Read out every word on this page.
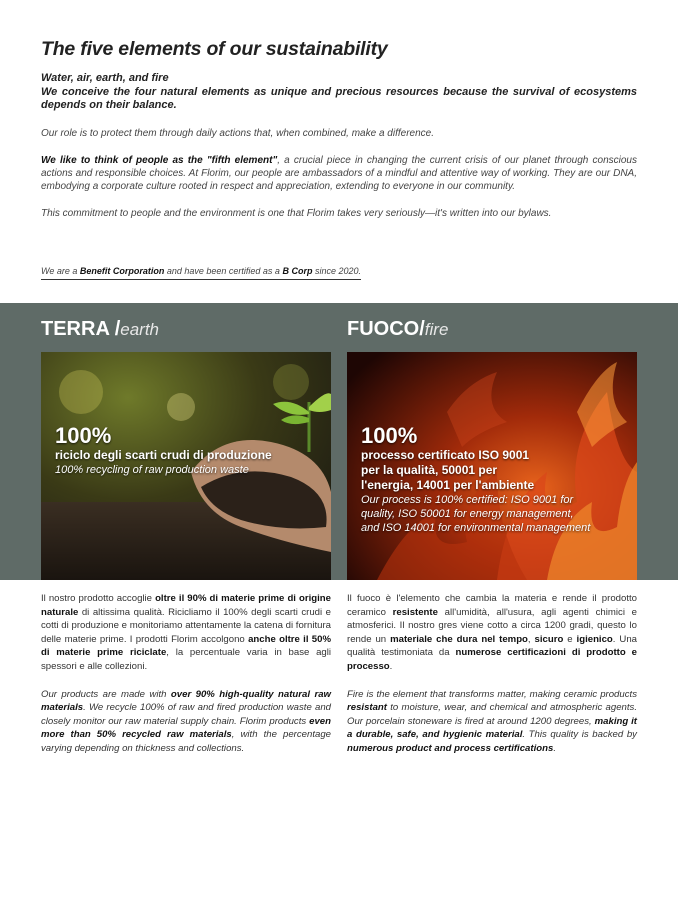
The five elements of our sustainability

Water, air, earth, and fire

We conceive the four natural elements as unique and precious resources because the survival of ecosystems depends on their balance.

Our role is to protect them through daily actions that, when combined, make a difference.

We like to think of people as the "fifth element", a crucial piece in changing the current crisis of our planet through conscious actions and responsible choices. At Florim, our people are ambassadors of a mindful and attentive way of working. They are our DNA, embodying a corporate culture rooted in respect and appreciation, extending to everyone in our community.

This commitment to people and the environment is one that Florim takes very seriously—it's written into our bylaws.

We are a Benefit Corporation and have been certified as a B Corp since 2020.
TERRA /earth
100%
riciclo degli scarti crudi di produzione
100% recycling of raw production waste
FUOCO/fire
100%
processo certificato ISO 9001
per la qualità, 50001 per
l'energia, 14001 per l'ambiente
Our process is 100% certified: ISO 9001 for
quality, ISO 50001 for energy management,
and ISO 14001 for environmental management

Il nostro prodotto accoglie oltre il 90% di materie prime di origine naturale di altissima qualità. Ricicliamo il 100% degli scarti crudi e cotti di produzione e monitoriamo attentamente la catena di fornitura delle materie prime. I prodotti Florim accolgono anche oltre il 50% di materie prime riciclate, la percentuale varia in base agli spessori e alle collezioni.

Our products are made with over 90% high-quality natural raw materials. We recycle 100% of raw and fired production waste and closely monitor our raw material supply chain. Florim products even more than 50% recycled raw materials, with the percentage varying depending on thickness and collections.

Il fuoco è l'elemento che cambia la materia e rende il prodotto ceramico resistente all'umidità, all'usura, agli agenti chimici e atmosferici. Il nostro gres viene cotto a circa 1200 gradi, questo lo rende un materiale che dura nel tempo, sicuro e igienico. Una qualità testimoniata da numerose certificazioni di prodotto e processo.

Fire is the element that transforms matter, making ceramic products resistant to moisture, wear, and chemical and atmospheric agents. Our porcelain stoneware is fired at around 1200 degrees, making it a durable, safe, and hygienic material. This quality is backed by numerous product and process certifications.
